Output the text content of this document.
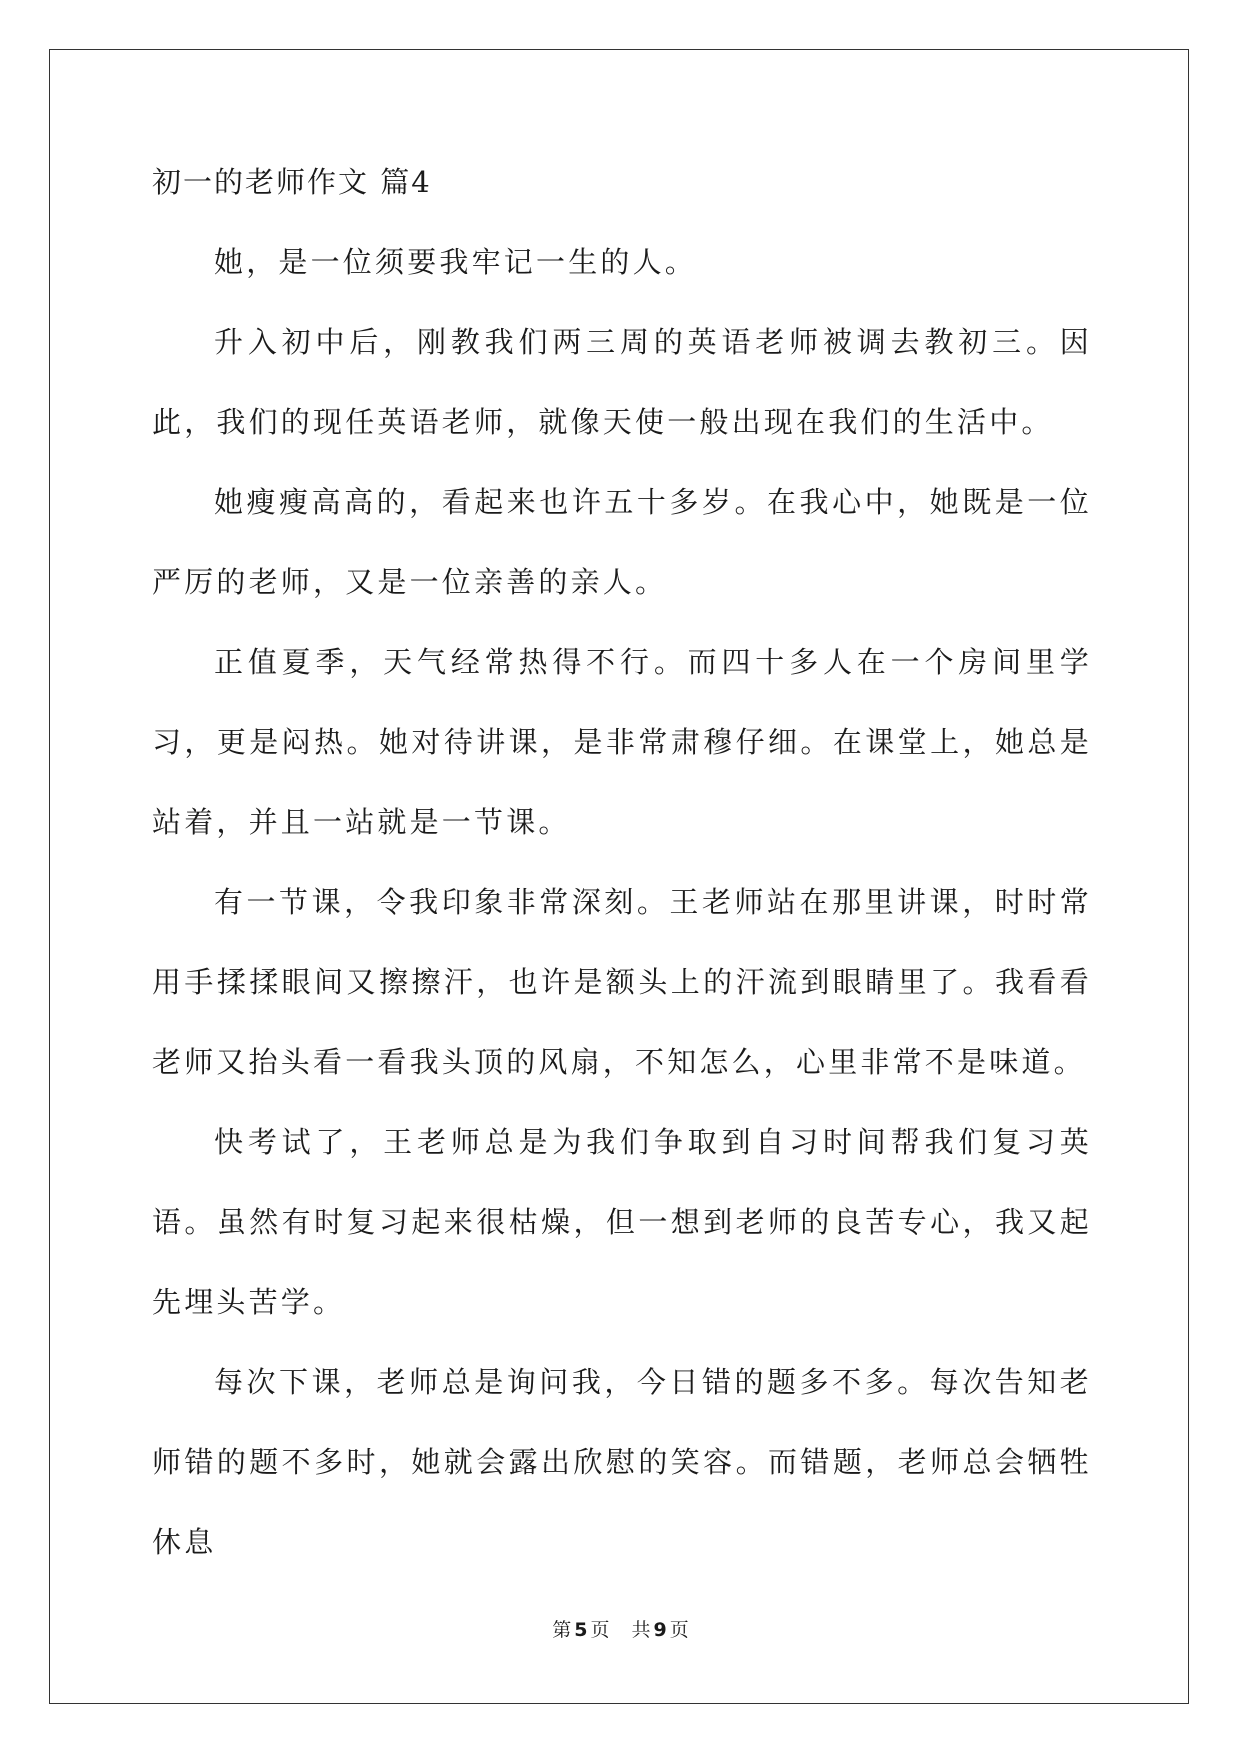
初一的老师作文 篇4

她，是一位须要我牢记一生的人。

升入初中后，刚教我们两三周的英语老师被调去教初三。因此，我们的现任英语老师，就像天使一般出现在我们的生活中。

她瘦瘦高高的，看起来也许五十多岁。在我心中，她既是一位严厉的老师，又是一位亲善的亲人。

正值夏季，天气经常热得不行。而四十多人在一个房间里学习，更是闷热。她对待讲课，是非常肃穆仔细。在课堂上，她总是站着，并且一站就是一节课。

有一节课，令我印象非常深刻。王老师站在那里讲课，时时常用手揉揉眼间又擦擦汗，也许是额头上的汗流到眼睛里了。我看看老师又抬头看一看我头顶的风扇，不知怎么，心里非常不是味道。

快考试了，王老师总是为我们争取到自习时间帮我们复习英语。虽然有时复习起来很枯燥，但一想到老师的良苦专心，我又起先埋头苦学。

每次下课，老师总是询问我，今日错的题多不多。每次告知老师错的题不多时，她就会露出欣慰的笑容。而错题，老师总会牺牲休息

第 5 页 共 9 页
